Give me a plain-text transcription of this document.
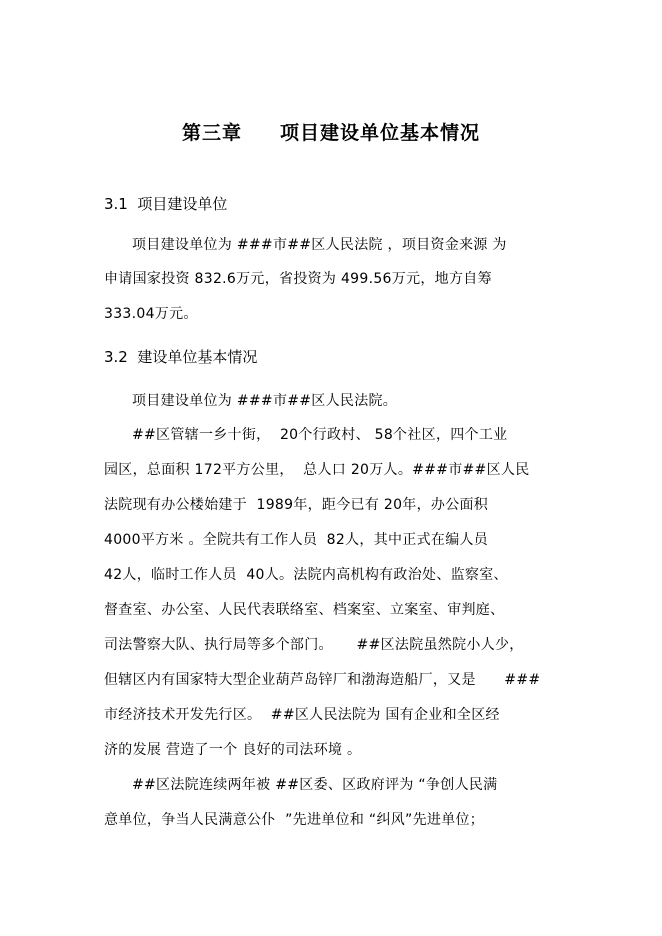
第三章     项目建设单位基本情况
3.1  项目建设单位
项目建设单位为 ###市##区人民法院 ，项目资金来源 为
申请国家投资 832.6万元，省投资为 499.56万元，地方自筹
333.04万元。
3.2  建设单位基本情况
项目建设单位为 ###市##区人民法院。
##区管辖一乡十街，  20个行政村、 58个社区，四个工业
园区，总面积 172平方公里，  总人口 20万人。###市##区人民
法院现有办公楼始建于  1989年，距今已有 20年，办公面积
4000平方米 。全院共有工作人员  82人，其中正式在编人员
42人，临时工作人员  40人。法院内高机构有政治处、监察室、
督查室、办公室、人民代表联络室、档案室、立案室、审判庭、
司法警察大队、执行局等多个部门。     ##区法院虽然院小人少，
但辖区内有国家特大型企业葫芦岛锌厂和渤海造船厂，又是      ###
市经济技术开发先行区。  ##区人民法院为 国有企业和全区经
济的发展 营造了一个 良好的司法环境 。
##区法院连续两年被 ##区委、区政府评为 “争创人民满
意单位，争当人民满意公仆  ”先进单位和 “纠风”先进单位；
